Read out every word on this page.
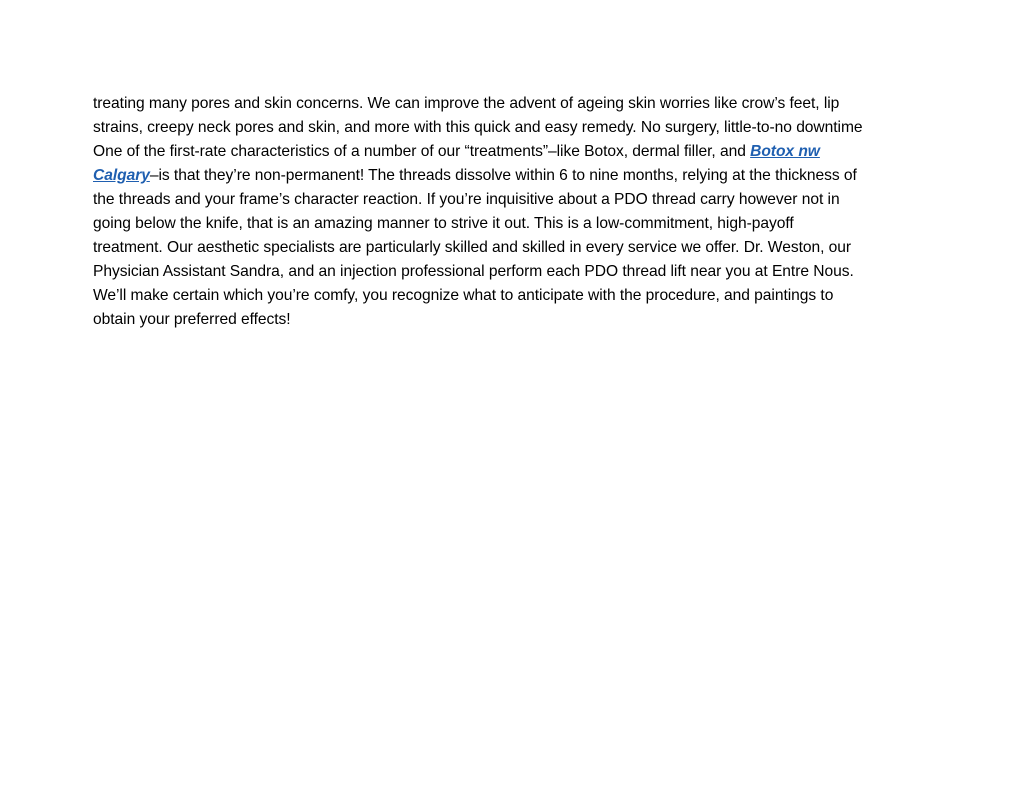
treating many pores and skin concerns. We can improve the advent of ageing skin worries like crow’s feet, lip
strains, creepy neck pores and skin, and more with this quick and easy remedy. No surgery, little-to-no downtime
One of the first-rate characteristics of a number of our “treatments”–like Botox, dermal filler, and Botox nw
Calgary–is that they’re non-permanent! The threads dissolve within 6 to nine months, relying at the thickness of
the threads and your frame’s character reaction. If you’re inquisitive about a PDO thread carry however not in
going below the knife, that is an amazing manner to strive it out. This is a low-commitment, high-payoff
treatment. Our aesthetic specialists are particularly skilled and skilled in every service we offer. Dr. Weston, our
Physician Assistant Sandra, and an injection professional perform each PDO thread lift near you at Entre Nous.
We’ll make certain which you’re comfy, you recognize what to anticipate with the procedure, and paintings to
obtain your preferred effects!
